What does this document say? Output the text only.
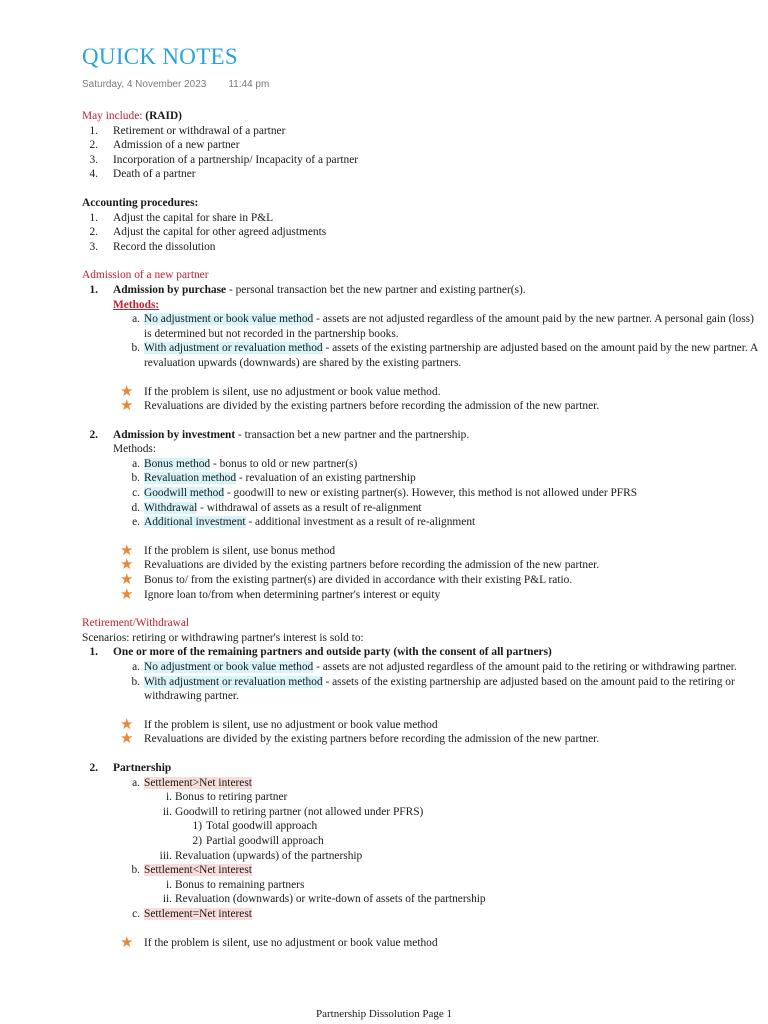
QUICK NOTES
Saturday, 4 November 2023 11:44 pm
May include: (RAID)
1. Retirement or withdrawal of a partner
2. Admission of a new partner
3. Incorporation of a partnership/ Incapacity of a partner
4. Death of a partner
Accounting procedures:
1. Adjust the capital for share in P&L
2. Adjust the capital for other agreed adjustments
3. Record the dissolution
Admission of a new partner
1. Admission by purchase - personal transaction bet the new partner and existing partner(s).
Methods:
a. No adjustment or book value method - assets are not adjusted regardless of the amount paid by the new partner. A personal gain (loss) is determined but not recorded in the partnership books.
b. With adjustment or revaluation method - assets of the existing partnership are adjusted based on the amount paid by the new partner. A revaluation upwards (downwards) are shared by the existing partners.
★ If the problem is silent, use no adjustment or book value method.
★ Revaluations are divided by the existing partners before recording the admission of the new partner.
2. Admission by investment - transaction bet a new partner and the partnership.
Methods:
a. Bonus method - bonus to old or new partner(s)
b. Revaluation method - revaluation of an existing partnership
c. Goodwill method - goodwill to new or existing partner(s). However, this method is not allowed under PFRS
d. Withdrawal - withdrawal of assets as a result of re-alignment
e. Additional investment - additional investment as a result of re-alignment
★ If the problem is silent, use bonus method
★ Revaluations are divided by the existing partners before recording the admission of the new partner.
★ Bonus to/ from the existing partner(s) are divided in accordance with their existing P&L ratio.
★ Ignore loan to/from when determining partner's interest or equity
Retirement/Withdrawal
Scenarios: retiring or withdrawing partner's interest is sold to:
1. One or more of the remaining partners and outside party (with the consent of all partners)
a. No adjustment or book value method - assets are not adjusted regardless of the amount paid to the retiring or withdrawing partner.
b. With adjustment or revaluation method - assets of the existing partnership are adjusted based on the amount paid to the retiring or withdrawing partner.
★ If the problem is silent, use no adjustment or book value method
★ Revaluations are divided by the existing partners before recording the admission of the new partner.
2. Partnership
a. Settlement>Net interest
i. Bonus to retiring partner
ii. Goodwill to retiring partner (not allowed under PFRS)
1) Total goodwill approach
2) Partial goodwill approach
iii. Revaluation (upwards) of the partnership
b. Settlement<Net interest
i. Bonus to remaining partners
ii. Revaluation (downwards) or write-down of assets of the partnership
c. Settlement=Net interest
★ If the problem is silent, use no adjustment or book value method
Partnership Dissolution Page 1
